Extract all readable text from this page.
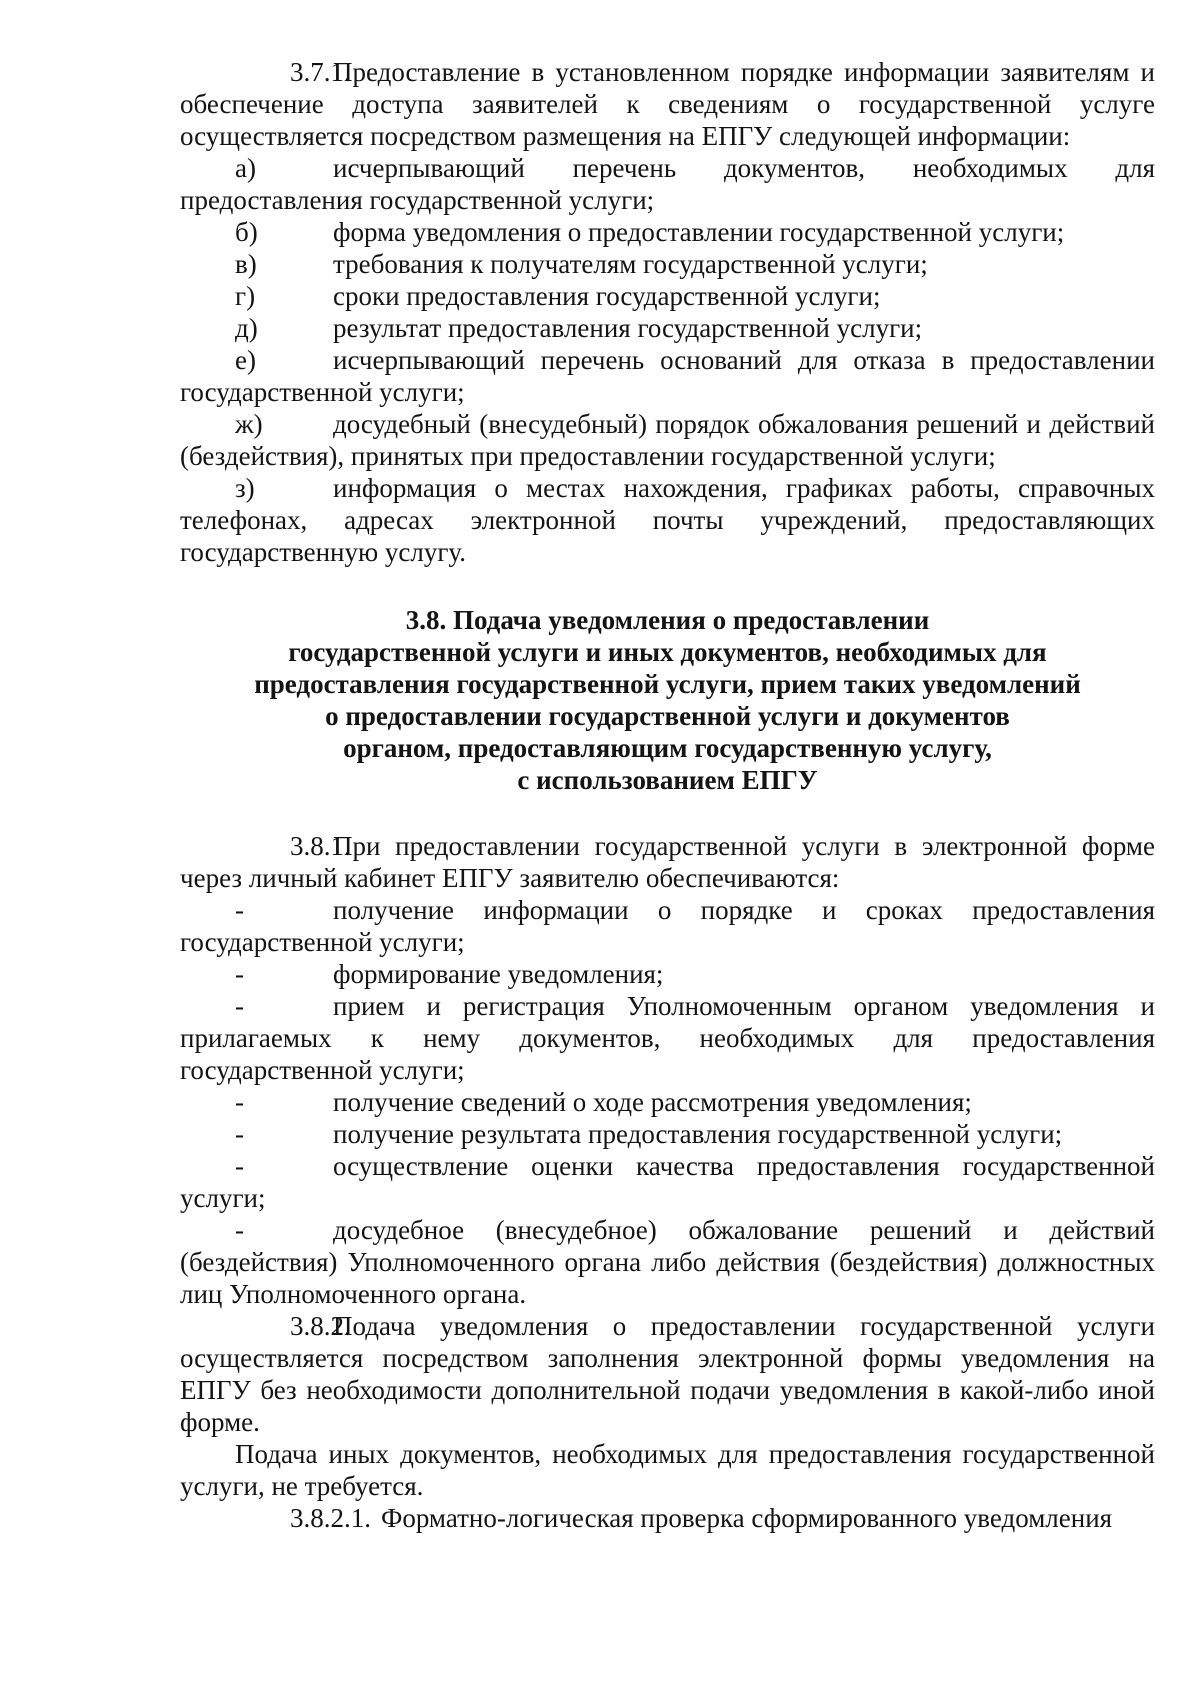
3.7.1.Предоставление в установленном порядке информации заявителям и обеспечение доступа заявителей к сведениям о государственной услуге осуществляется посредством размещения на ЕПГУ следующей информации:

а)	исчерпывающий перечень документов, необходимых для предоставления государственной услуги;

б)	форма уведомления о предоставлении государственной услуги;

в)	требования к получателям государственной услуги;

г)	сроки предоставления государственной услуги;

д)	результат предоставления государственной услуги;

е)	исчерпывающий перечень оснований для отказа в предоставлении государственной услуги;

ж)	досудебный (внесудебный) порядок обжалования решений и действий (бездействия), принятых при предоставлении государственной услуги;

з)	информация о местах нахождения, графиках работы, справочных телефонах, адресах электронной почты учреждений, предоставляющих государственную услугу.

3.8. Подача уведомления о предоставлении
государственной услуги и иных документов, необходимых для
предоставления государственной услуги, прием таких уведомлений
о предоставлении государственной услуги и документов
органом, предоставляющим государственную услугу,
с использованием ЕПГУ

3.8.1.При предоставлении государственной услуги в электронной форме через личный кабинет ЕПГУ заявителю обеспечиваются:

-	получение информации о порядке и сроках предоставления государственной услуги;

-	формирование уведомления;

-	прием и регистрация Уполномоченным органом уведомления и прилагаемых к нему документов, необходимых для предоставления государственной услуги;

-	получение сведений о ходе рассмотрения уведомления;

-	получение результата предоставления государственной услуги;

-	осуществление оценки качества предоставления государственной услуги;

-	досудебное (внесудебное) обжалование решений и действий (бездействия) Уполномоченного органа либо действия (бездействия) должностных лиц Уполномоченного органа.

3.8.2.Подача уведомления о предоставлении государственной услуги осуществляется посредством заполнения электронной формы уведомления на ЕПГУ без необходимости дополнительной подачи уведомления в какой-либо иной форме.

Подача иных документов, необходимых для предоставления государственной услуги, не требуется.

3.8.2.1. Форматно-логическая проверка сформированного уведомления
